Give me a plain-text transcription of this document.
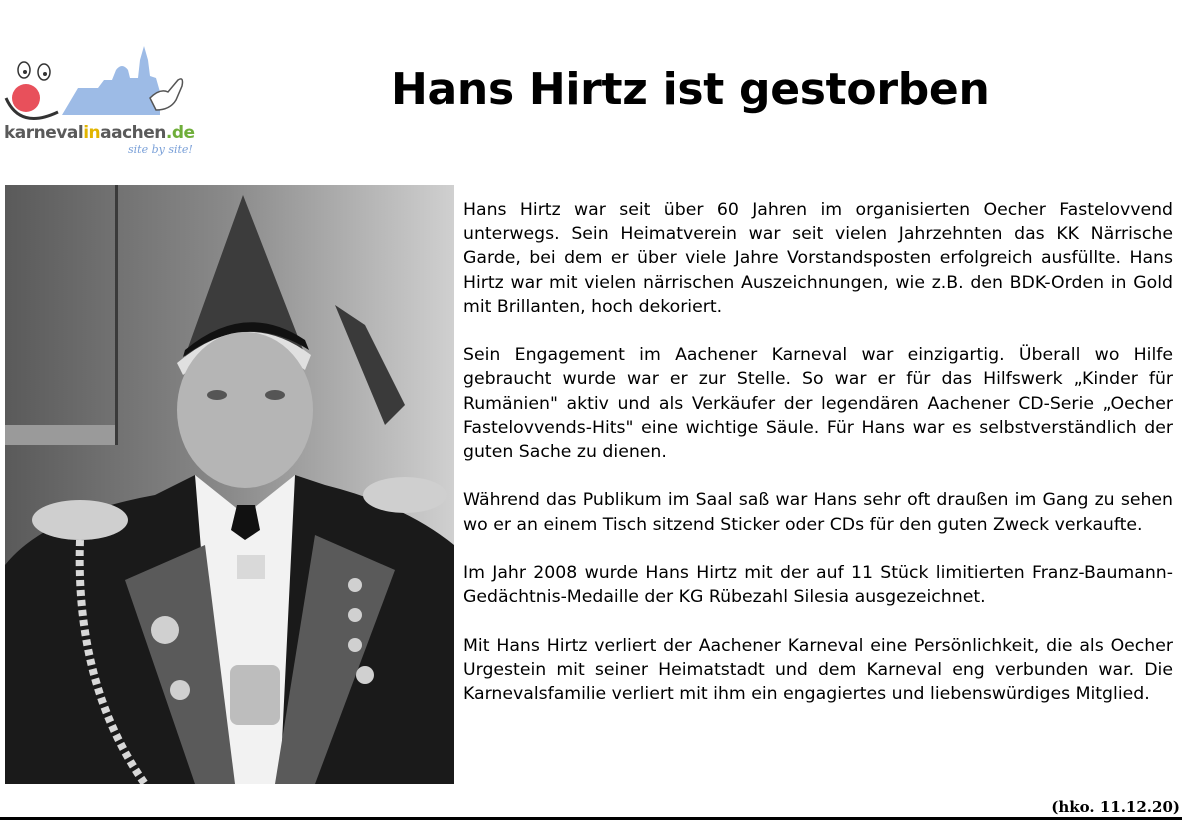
karnevalinaachen.de
site by site!
Hans Hirtz ist gestorben

Hans Hirtz war seit über 60 Jahren im organisierten Oecher Fastelovvend unterwegs. Sein Heimatverein war seit vielen Jahrzehnten das KK Närrische Garde, bei dem er über viele Jahre Vorstandsposten erfolgreich ausfüllte. Hans Hirtz war mit vielen närrischen Auszeichnungen, wie z.B. den BDK-Orden in Gold mit Brillanten, hoch dekoriert.

Sein Engagement im Aachener Karneval war einzigartig. Überall wo Hilfe gebraucht wurde war er zur Stelle. So war er für das Hilfswerk „Kinder für Rumänien" aktiv und als Verkäufer der legendären Aachener CD-Serie „Oecher Fastelovvends-Hits" eine wichtige Säule. Für Hans war es selbstverständlich der guten Sache zu dienen.

Während das Publikum im Saal saß war Hans sehr oft draußen im Gang zu sehen wo er an einem Tisch sitzend Sticker oder CDs für den guten Zweck verkaufte.

Im Jahr 2008 wurde Hans Hirtz mit der auf 11 Stück limitierten Franz-Baumann-Gedächtnis-Medaille der KG Rübezahl Silesia ausgezeichnet.

Mit Hans Hirtz verliert der Aachener Karneval eine Persönlichkeit, die als Oecher Urgestein mit seiner Heimatstadt und dem Karneval eng verbunden war. Die Karnevalsfamilie verliert mit ihm ein engagiertes und liebenswürdiges Mitglied.

(hko. 11.12.20)
